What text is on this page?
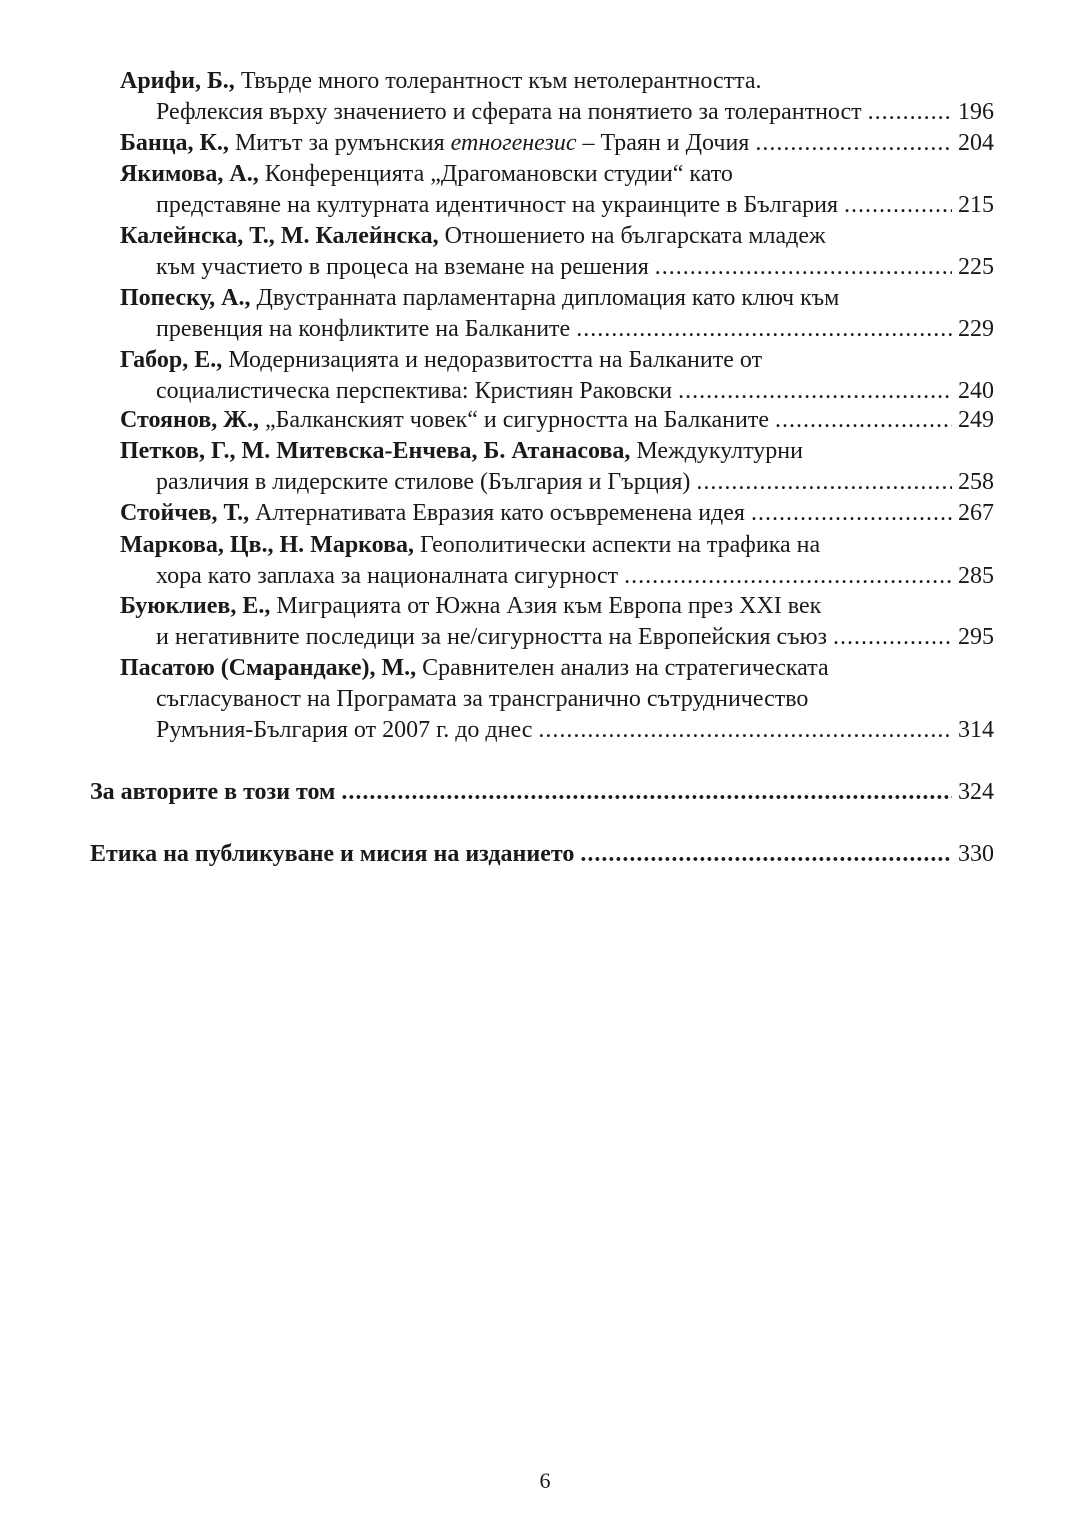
Арифи, Б., Твърде много толерантност към нетолерантността.
Рефлексия върху значението и сферата на понятието за толерантност .....	196
Банца, К., Митът за румънския етногенезис – Траян и Дочия .....	204
Якимова, А., Конференцията „Драгомановски студии“ като
представяне на културната идентичност на украинците в България .....	215
Калейнска, Т., М. Калейнска, Отношението на българската младеж
към участието в процеса на вземане на решения .....	225
Попеску, А., Двустранната парламентарна дипломация като ключ към
превенция на конфликтите на Балканите .....	229
Габор, Е., Модернизацията и недоразвитостта на Балканите от
социалистическа перспектива: Кристиян Раковски .....	240
Стоянов, Ж., „Балканският човек“ и сигурността на Балканите .....	249
Петков, Г., М. Митевска-Енчева, Б. Атанасова, Междукултурни
различия в лидерските стилове (България и Гърция) .....	258
Стойчев, Т., Алтернативата Евразия като осъвременена идея .....	267
Маркова, Цв., Н. Маркова, Геополитически аспекти на трафика на
хора като заплаха за националната сигурност .....	285
Буюклиев, Е., Миграцията от Южна Азия към Европа през XXI век
и негативните последици за не/сигурността на Европейския съюз .....	295
Пасатою (Смарандаке), М., Сравнителен анализ на стратегическата
съгласуваност на Програмата за трансгранично сътрудничество
Румъния-България от 2007 г. до днес .....	314
За авторите в този том .....	324
Етика на публикуване и мисия на изданието .....	330
6
